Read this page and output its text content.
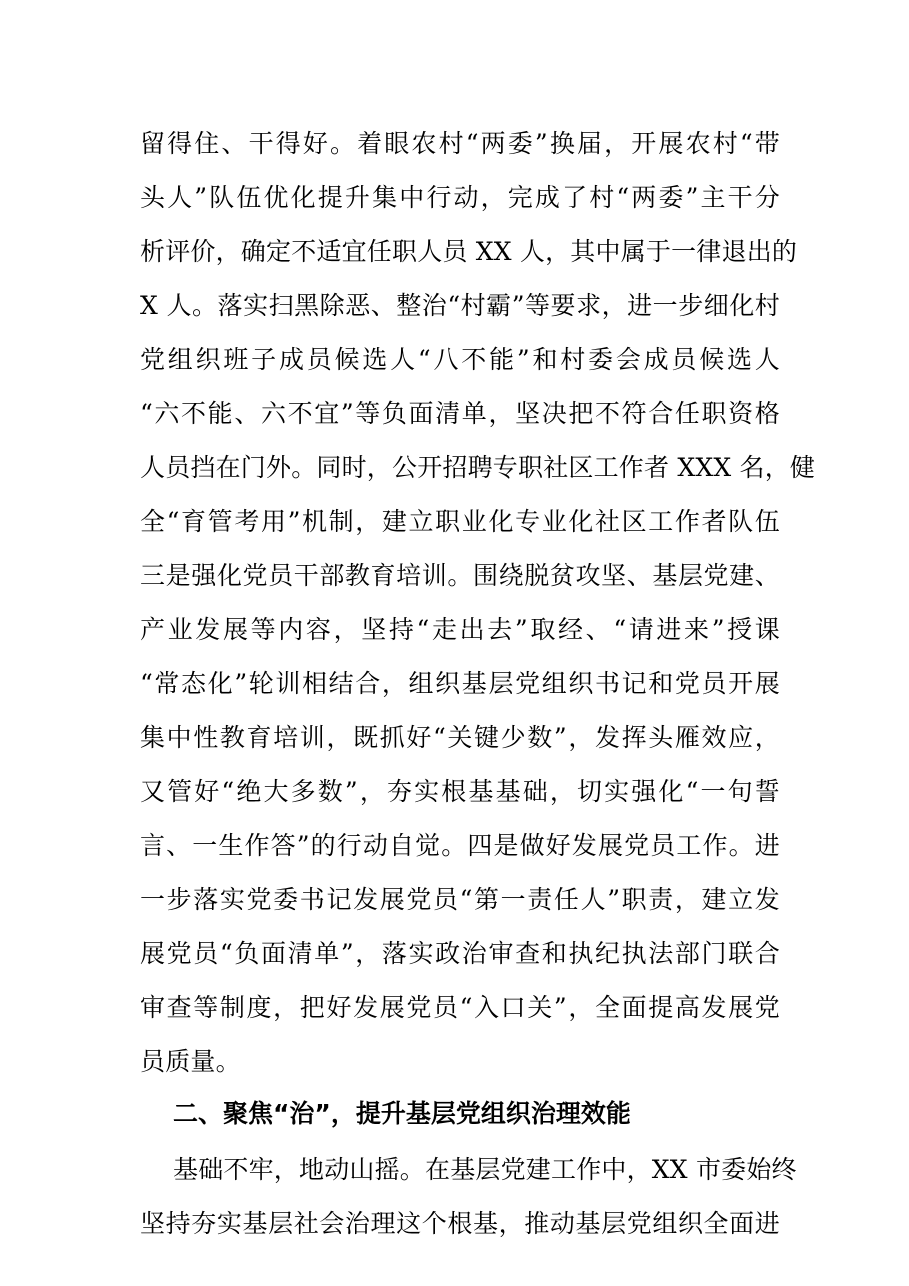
留得住、干得好。着眼农村“两委”换届，开展农村“带
头人”队伍优化提升集中行动，完成了村“两委”主干分
析评价，确定不适宜任职人员 XX 人，其中属于一律退出的
X 人。落实扫黑除恶、整治“村霸”等要求，进一步细化村
党组织班子成员候选人“八不能”和村委会成员候选人
“六不能、六不宜”等负面清单，坚决把不符合任职资格
人员挡在门外。同时，公开招聘专职社区工作者 XXX 名，健
全“育管考用”机制，建立职业化专业化社区工作者队伍
三是强化党员干部教育培训。围绕脱贫攻坚、基层党建、
产业发展等内容，坚持“走出去”取经、“请进来”授课
“常态化”轮训相结合，组织基层党组织书记和党员开展
集中性教育培训，既抓好“关键少数”，发挥头雁效应，
又管好“绝大多数”，夯实根基基础，切实强化“一句誓
言、一生作答”的行动自觉。四是做好发展党员工作。进
一步落实党委书记发展党员“第一责任人”职责，建立发
展党员“负面清单”，落实政治审查和执纪执法部门联合
审查等制度，把好发展党员“入口关”，全面提高发展党
员质量。
二、聚焦“治”，提升基层党组织治理效能
基础不牢，地动山摇。在基层党建工作中，XX 市委始终
坚持夯实基层社会治理这个根基，推动基层党组织全面进
